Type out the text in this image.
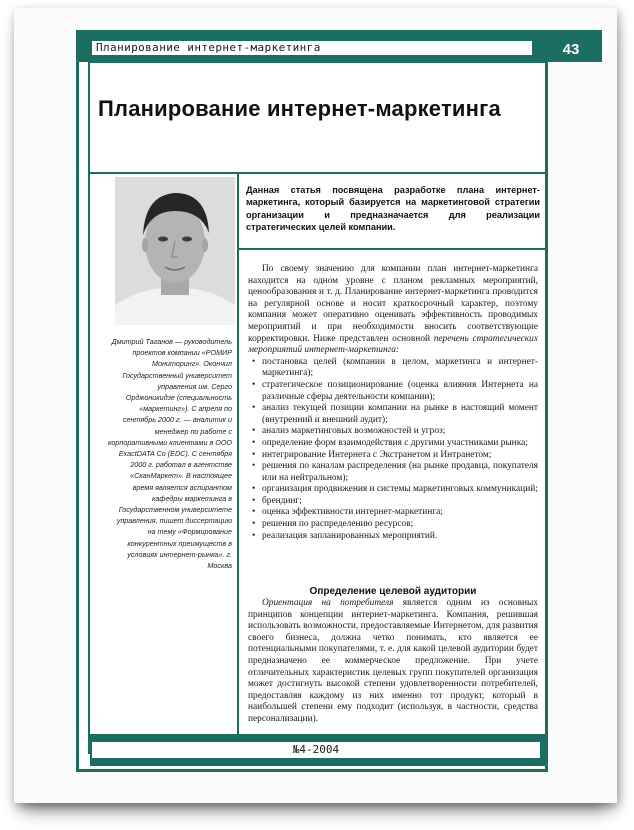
Планирование интернет-маркетинга	43
Планирование интернет-маркетинга
Данная статья посвящена разработке плана интернет-маркетинга, который базируется на маркетинговой стратегии организации и предназначается для реализации стратегических целей компании.
Дмитрий Таганов — руководитель проектов компании «РОМИР Мониторинг». Окончил Государственный университет управления им. Серго Орджоникидзе (специальность «маркетинг»). С апреля по сентябрь 2000 г. — аналитик и менеджер по работе с корпоративными клиентами в ООО ExactDATA Co (EDC). С сентября 2000 г. работал в агентстве «СканМаркет». В настоящее время является аспирантом кафедры маркетинга в Государственном университете управления, пишет диссертацию на тему «Формирование конкурентных преимуществ в условиях интернет-рынка». г. Москва

По своему значению для компании план интернет-маркетинга находится на одном уровне с планом рекламных мероприятий, ценообразования и т. д. Планирование интернет-маркетинга проводится на регулярной основе и носит краткосрочный характер, поэтому компания может оперативно оценивать эффективность проводимых мероприятий и при необходимости вносить соответствующие корректировки. Ниже представлен основной перечень стратегических мероприятий интернет-маркетинга:

• постановка целей (компании в целом, маркетинга и интернет-маркетинга);
• стратегическое позиционирование (оценка влияния Интернета на различные сферы деятельности компании);
• анализ текущей позиции компании на рынке в настоящий момент (внутренний и внешний аудит);
• анализ маркетинговых возможностей и угроз;
• определение форм взаимодействия с другими участниками рынка;
• интегрирование Интернета с Экстранетом и Интранетом;
• решения по каналам распределения (на рынке продавца, покупателя или на нейтральном);
• организация продвижения и системы маркетинговых коммуникаций;
• брендинг;
• оценка эффективности интернет-маркетинга;
• решения по распределению ресурсов;
• реализация запланированных мероприятий.
Определение целевой аудитории

Ориентация на потребителя является одним из основных принципов концепции интернет-маркетинга. Компания, решившая использовать возможности, предоставляемые Интернетом, для развития своего бизнеса, должна четко понимать, кто является ее потенциальными покупателями, т. е. для какой целевой аудитории будет предназначено ее коммерческое предложение. При учете отличительных характеристик целевых групп покупателей организация может достигнуть высокой степени удовлетворенности потребителей, предоставляя каждому из них именно тот продукт, который в наибольшей степени ему подходит (используя, в частности, средства персонализации).

№4-2004
